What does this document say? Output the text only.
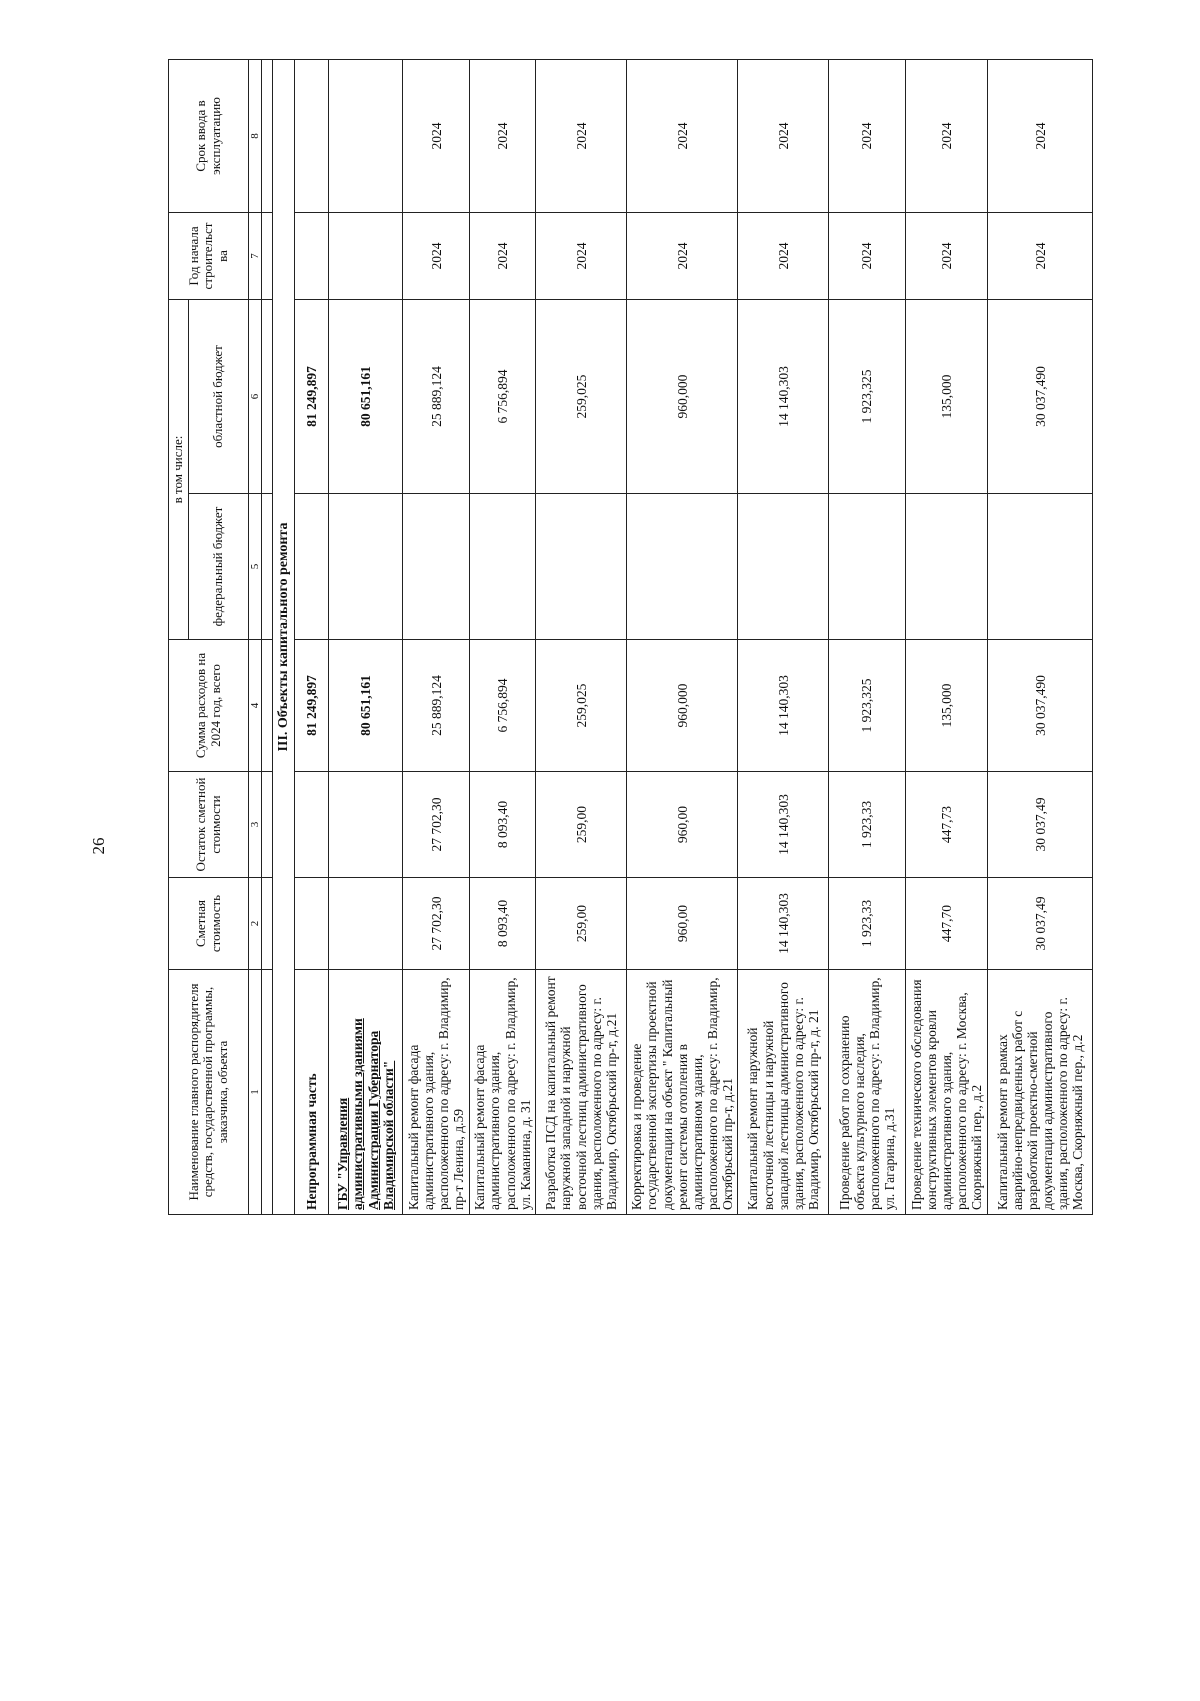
26
Наименование главного распорядителя средств, государственной программы, заказчика, объекта	Сметная стоимость	Остаток сметной стоимости	Сумма расходов на 2024 год, всего	в том числе:		Год начала
строительст
ва	Срок ввода в
эксплуатацию
				федеральный бюджет	областной бюджет		
1	2	3	4	5	6	7	8

III. Объекты капитального ремонта							
Непрограммная часть			81 249,897		81 249,897		
ГБУ "Управления административными зданиями Администрации Губернатора Владимирской области"			80 651,161		80 651,161		
Капитальный ремонт фасада административного здания, расположенного по адресу: г. Владимир, пр-т Ленина, д.59	27 702,30	27 702,30	25 889,124		25 889,124	2024	2024
Капитальный ремонт фасада административного здания, расположенного по адресу: г. Владимир, ул. Каманина, д. 31	8 093,40	8 093,40	6 756,894		6 756,894	2024	2024
Разработка ПСД на капитальный ремонт наружной западной и наружной восточной лестниц административного здания, расположенного по адресу: г. Владимир, Октябрьский пр-т, д.21	259,00	259,00	259,025		259,025	2024	2024
Корректировка и проведение государственной экспертизы проектной документации на объект " Капитальный ремонт системы отопления в административном здании, расположенного по адресу: г. Владимир, Октябрьский пр-т, д.21	960,00	960,00	960,000		960,000	2024	2024
Капитальный ремонт наружной восточной лестницы и наружной западной лестницы административного здания, расположенного по адресу: г. Владимир, Октябрьский пр-т, д. 21	14 140,303	14 140,303	14 140,303		14 140,303	2024	2024
Проведение работ по сохранению объекта культурного наследия, расположенного по адресу: г. Владимир, ул. Гагарина, д.31	1 923,33	1 923,33	1 923,325		1 923,325	2024	2024
Проведение технического обследования конструктивных элементов кровли административного здания, расположенного по адресу: г. Москва, Скорняжный пер., д.2	447,70	447,73	135,000		135,000	2024	2024
Капитальный ремонт в рамках аварийно-непредвиденных работ с разработкой проектно-сметной документации административного здания, расположенного по адресу: г. Москва, Скорняжный пер., д.2	30 037,49	30 037,49	30 037,490		30 037,490	2024	2024
